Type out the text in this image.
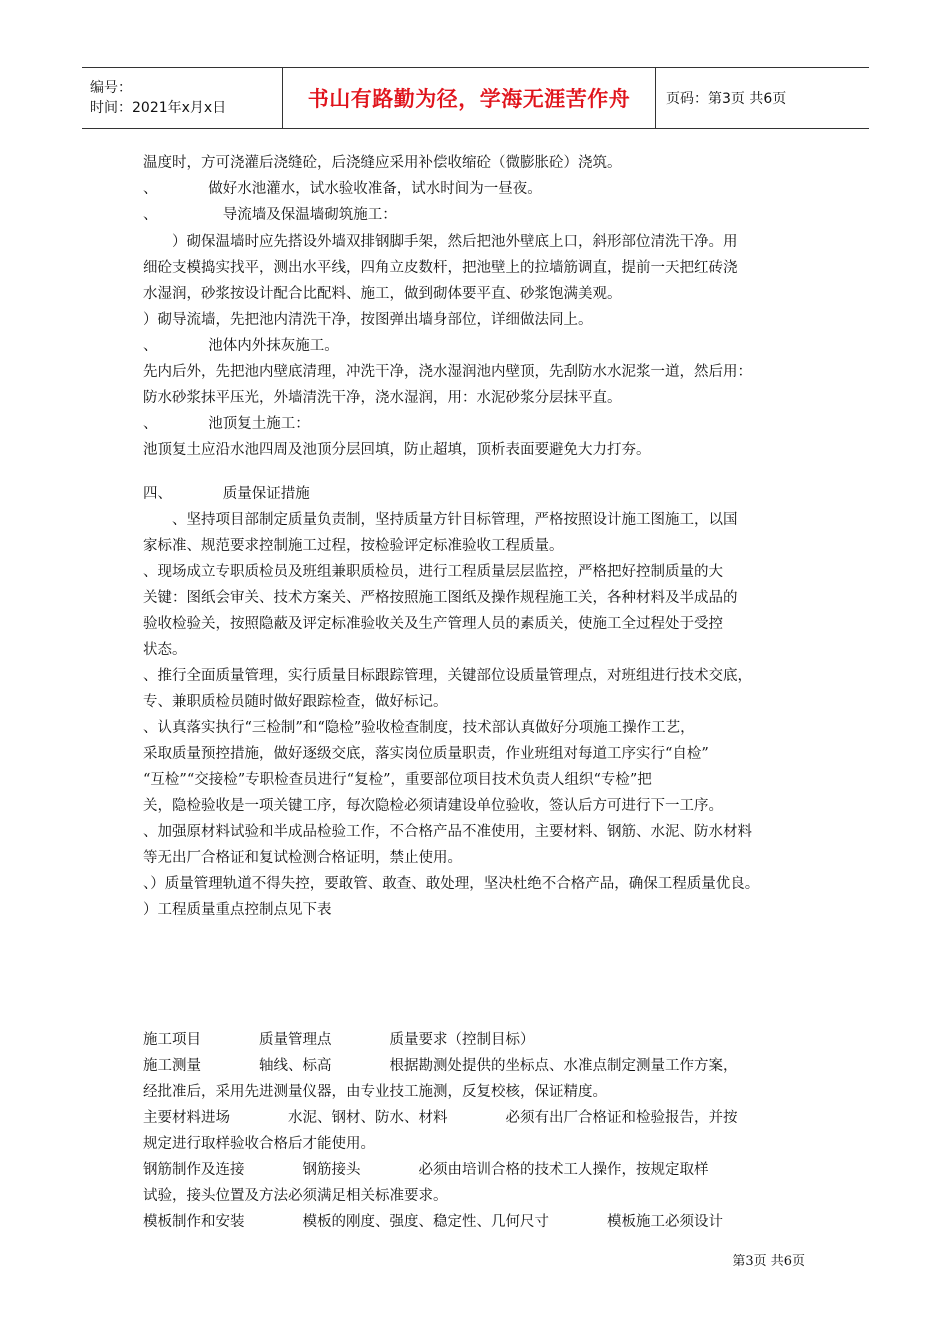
编号：
时间：2021年x月x日	书山有路勤为径，学海无涯苦作舟	页码：第3页 共6页
温度时，方可浇灌后浇缝砼，后浇缝应采用补偿收缩砼（微膨胀砼）浇筑。
、　　　　做好水池灌水，试水验收准备，试水时间为一昼夜。
、　　　　　导流墙及保温墙砌筑施工：
　　）砌保温墙时应先搭设外墙双排钢脚手架，然后把池外壁底上口，斜形部位清洗干净。用
细砼支模捣实找平，测出水平线，四角立皮数杆，把池壁上的拉墙筋调直，提前一天把红砖浇
水湿润，砂浆按设计配合比配料、施工，做到砌体要平直、砂浆饱满美观。
）砌导流墙，先把池内清洗干净，按图弹出墙身部位，详细做法同上。
、　　　　池体内外抹灰施工。
先内后外，先把池内壁底清理，冲洗干净，浇水湿润池内壁顶，先刮防水水泥浆一道，然后用：
防水砂浆抹平压光，外墙清洗干净，浇水湿润，用：水泥砂浆分层抹平直。
、　　　　池顶复土施工：
池顶复土应沿水池四周及池顶分层回填，防止超填，顶析表面要避免大力打夯。
四、　　　　质量保证措施
　　、坚持项目部制定质量负责制，坚持质量方针目标管理，严格按照设计施工图施工，以国
家标准、规范要求控制施工过程，按检验评定标准验收工程质量。
、现场成立专职质检员及班组兼职质检员，进行工程质量层层监控，严格把好控制质量的大
关键：图纸会审关、技术方案关、严格按照施工图纸及操作规程施工关，各种材料及半成品的
验收检验关，按照隐蔽及评定标准验收关及生产管理人员的素质关，使施工全过程处于受控
状态。
、推行全面质量管理，实行质量目标跟踪管理，关键部位设质量管理点，对班组进行技术交底，
专、兼职质检员随时做好跟踪检查，做好标记。
、认真落实执行“三检制”和“隐检”验收检查制度，技术部认真做好分项施工操作工艺，
采取质量预控措施，做好逐级交底，落实岗位质量职责，作业班组对每道工序实行“自检”
“互检”“交接检”专职检查员进行“复检”，重要部位项目技术负责人组织“专检”把
关，隐检验收是一项关键工序，每次隐检必须请建设单位验收，签认后方可进行下一工序。
、加强原材料试验和半成品检验工作，不合格产品不准使用，主要材料、钢筋、水泥、防水材料
等无出厂合格证和复试检测合格证明，禁止使用。
、）质量管理轨道不得失控，要敢管、敢查、敢处理，坚决杜绝不合格产品，确保工程质量优良。
）工程质量重点控制点见下表
施工项目　　　　质量管理点　　　　质量要求（控制目标）
施工测量　　　　轴线、标高　　　　根据勘测处提供的坐标点、水准点制定测量工作方案，
经批准后，采用先进测量仪器，由专业技工施测，反复校核，保证精度。
主要材料进场　　　　水泥、钢材、防水、材料　　　　必须有出厂合格证和检验报告，并按
规定进行取样验收合格后才能使用。
钢筋制作及连接　　　　钢筋接头　　　　必须由培训合格的技术工人操作，按规定取样
试验，接头位置及方法必须满足相关标准要求。
模板制作和安装　　　　模板的刚度、强度、稳定性、几何尺寸　　　　模板施工必须设计
第3页 共6页
